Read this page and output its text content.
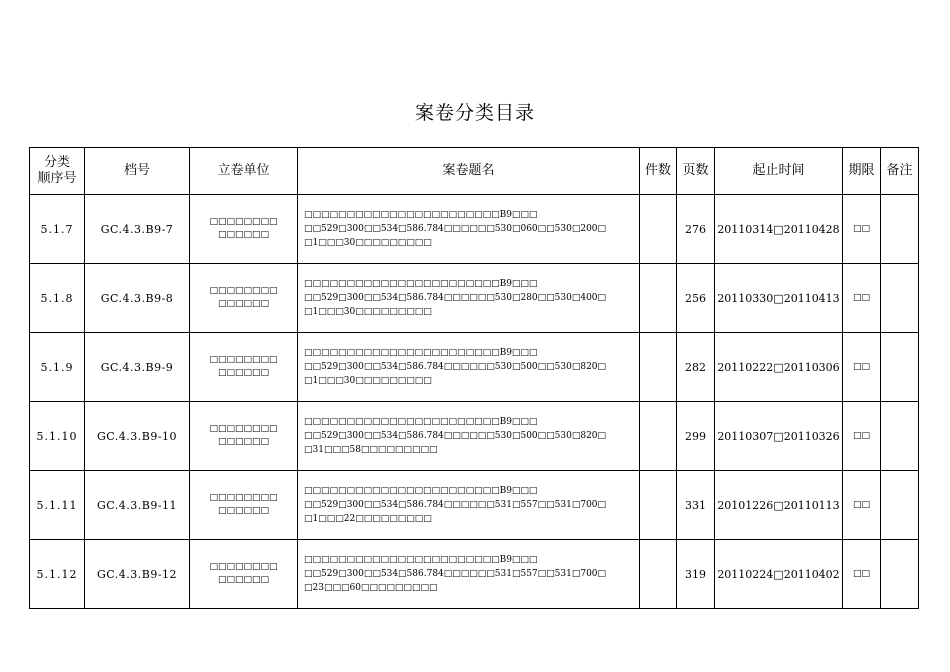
案卷分类目录
分类
顺序号	档号	立卷单位	案卷题名	件数	页数	起止时间	期限	备注
5.1.7	GC.4.3.B9-7	□□□□□□□□
□□□□□□	□□□□□□□□□□□□□□□□□□□□□□□B9□□□
□□529□300□□534□586.784□□□□□□530□060□□530□200□
□1□□□30□□□□□□□□□		276	20110314□20110428	□□	
5.1.8	GC.4.3.B9-8	□□□□□□□□
□□□□□□	□□□□□□□□□□□□□□□□□□□□□□□B9□□□
□□529□300□□534□586.784□□□□□□530□280□□530□400□
□1□□□30□□□□□□□□□		256	20110330□20110413	□□	
5.1.9	GC.4.3.B9-9	□□□□□□□□
□□□□□□	□□□□□□□□□□□□□□□□□□□□□□□B9□□□
□□529□300□□534□586.784□□□□□□530□500□□530□820□
□1□□□30□□□□□□□□□		282	20110222□20110306	□□	
5.1.10	GC.4.3.B9-10	□□□□□□□□
□□□□□□	□□□□□□□□□□□□□□□□□□□□□□□B9□□□
□□529□300□□534□586.784□□□□□□530□500□□530□820□
□31□□□58□□□□□□□□□		299	20110307□20110326	□□	
5.1.11	GC.4.3.B9-11	□□□□□□□□
□□□□□□	□□□□□□□□□□□□□□□□□□□□□□□B9□□□
□□529□300□□534□586.784□□□□□□531□557□□531□700□
□1□□□22□□□□□□□□□		331	20101226□20110113	□□	
5.1.12	GC.4.3.B9-12	□□□□□□□□
□□□□□□	□□□□□□□□□□□□□□□□□□□□□□□B9□□□
□□529□300□□534□586.784□□□□□□531□557□□531□700□
□23□□□60□□□□□□□□□		319	20110224□20110402	□□	
